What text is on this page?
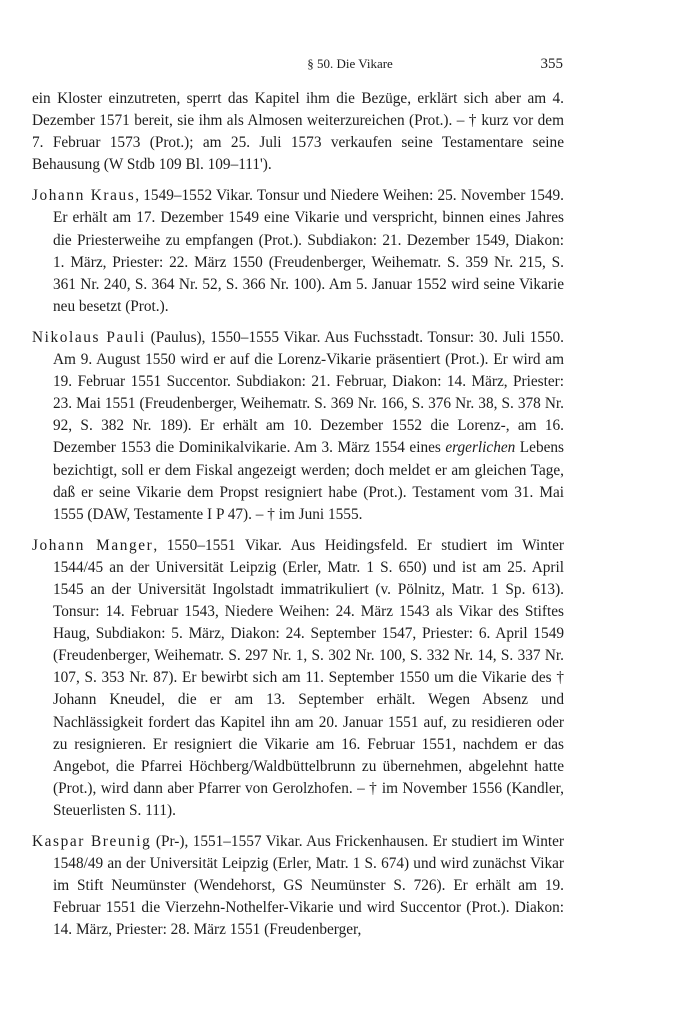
§ 50. Die Vikare	355

ein Kloster einzutreten, sperrt das Kapitel ihm die Bezüge, erklärt sich aber am 4. Dezember 1571 bereit, sie ihm als Almosen weiterzureichen (Prot.). – † kurz vor dem 7. Februar 1573 (Prot.); am 25. Juli 1573 verkaufen seine Testamentare seine Behausung (W Stdb 109 Bl. 109–111').

Johann Kraus, 1549–1552 Vikar. Tonsur und Niedere Weihen: 25. November 1549. Er erhält am 17. Dezember 1549 eine Vikarie und verspricht, binnen eines Jahres die Priesterweihe zu empfangen (Prot.). Subdiakon: 21. Dezember 1549, Diakon: 1. März, Priester: 22. März 1550 (Freudenberger, Weihematr. S. 359 Nr. 215, S. 361 Nr. 240, S. 364 Nr. 52, S. 366 Nr. 100). Am 5. Januar 1552 wird seine Vikarie neu besetzt (Prot.).

Nikolaus Pauli (Paulus), 1550–1555 Vikar. Aus Fuchsstadt. Tonsur: 30. Juli 1550. Am 9. August 1550 wird er auf die Lorenz-Vikarie präsentiert (Prot.). Er wird am 19. Februar 1551 Succentor. Subdiakon: 21. Februar, Diakon: 14. März, Priester: 23. Mai 1551 (Freudenberger, Weihematr. S. 369 Nr. 166, S. 376 Nr. 38, S. 378 Nr. 92, S. 382 Nr. 189). Er erhält am 10. Dezember 1552 die Lorenz-, am 16. Dezember 1553 die Dominikalvikarie. Am 3. März 1554 eines ergerlichen Lebens bezichtigt, soll er dem Fiskal angezeigt werden; doch meldet er am gleichen Tage, daß er seine Vikarie dem Propst resigniert habe (Prot.). Testament vom 31. Mai 1555 (DAW, Testamente I P 47). – † im Juni 1555.

Johann Manger, 1550–1551 Vikar. Aus Heidingsfeld. Er studiert im Winter 1544/45 an der Universität Leipzig (Erler, Matr. 1 S. 650) und ist am 25. April 1545 an der Universität Ingolstadt immatrikuliert (v. Pölnitz, Matr. 1 Sp. 613). Tonsur: 14. Februar 1543, Niedere Weihen: 24. März 1543 als Vikar des Stiftes Haug, Subdiakon: 5. März, Diakon: 24. September 1547, Priester: 6. April 1549 (Freudenberger, Weihematr. S. 297 Nr. 1, S. 302 Nr. 100, S. 332 Nr. 14, S. 337 Nr. 107, S. 353 Nr. 87). Er bewirbt sich am 11. September 1550 um die Vikarie des † Johann Kneudel, die er am 13. September erhält. Wegen Absenz und Nachlässigkeit fordert das Kapitel ihn am 20. Januar 1551 auf, zu residieren oder zu resignieren. Er resigniert die Vikarie am 16. Februar 1551, nachdem er das Angebot, die Pfarrei Höchberg/Waldbüttelbrunn zu übernehmen, abgelehnt hatte (Prot.), wird dann aber Pfarrer von Gerolzhofen. – † im November 1556 (Kandler, Steuerlisten S. 111).

Kaspar Breunig (Pr-), 1551–1557 Vikar. Aus Frickenhausen. Er studiert im Winter 1548/49 an der Universität Leipzig (Erler, Matr. 1 S. 674) und wird zunächst Vikar im Stift Neumünster (Wendehorst, GS Neumünster S. 726). Er erhält am 19. Februar 1551 die Vierzehn-Nothelfer-Vikarie und wird Succentor (Prot.). Diakon: 14. März, Priester: 28. März 1551 (Freudenberger,
